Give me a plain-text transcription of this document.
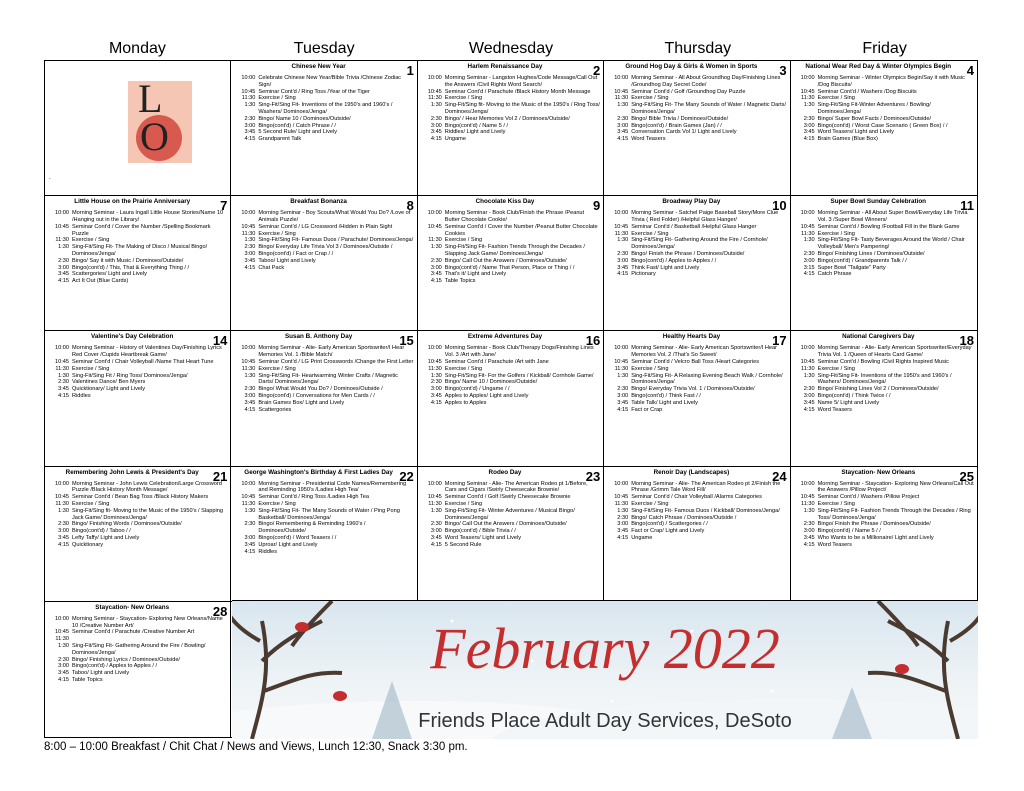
Monday	Tuesday	Wednesday	Thursday	Friday
L
O
.
Chinese New Year	1
10:00 Celebrate Chinese New Year/Bible Trivia /Chinese Zodiac Sign/
10:45 Seminar Cont'd / Ring Toss /Year of the Tiger
11:30 Exercise / Sing
1:30 Sing-Fit/Sing Fit- Inventions of the 1950's and 1960's / Washers/ Dominoes/Jenga/
2:30 Bingo/ Name 10 / Dominoes/Outside/
3:00 Bingo(cont'd) / Catch Phrase / /
3:45 5 Second Rule/ Light and Lively
4:15 Grandparent Talk
Harlem Renaissance Day	2
10:00 Morning Seminar - Langston Hughes/Code Message/Call Out the Answers /Civil Rights Word Search/
10:45 Seminar Cont'd / Parachute /Black History Month Message
11:30 Exercise / Sing
1:30 Sing-Fit/Sing fit- Moving to the Music of the 1950's / Ring Toss/ Dominoes/Jenga/
2:30 Bingo/ / Hear Memories Vol 2 / Dominoes/Outside/
3:00 Bingo(cont'd) / Name 5 / /
3:45 Riddles/ Light and Lively
4:15 Ungame
Ground Hog Day & Girls & Women in Sports	3
10:00 Morning Seminar - All About Groundhog Day/Finishing Lines /Groundhog Day Secret Code/
10:45 Seminar Cont'd / Golf /Groundhog Day Puzzle
11:30 Exercise / Sing
1:30 Sing-Fit/Sing Fit- The Many Sounds of Water / Magnetic Darts/ Dominoes/Jenga/
2:30 Bingo/ Bible Trivia / Dominoes/Outside/
3:00 Bingo(cont'd) / Brain Games (Jan) / /
3:45 Conversation Cards Vol 1/ Light and Lively
4:15 Word Teasers
National Wear Red Day & Winter Olympics Begin	4
10:00 Morning Seminar - Winter Olympics Begin/Say it with Music /Dog Biscuits/
10:45 Seminar Cont'd / Washers /Dog Biscuits
11:30 Exercise / Sing
1:30 Sing-Fit/Sing Fit-Winter Adventures / Bowling/ Dominoes/Jenga/
2:30 Bingo/ Super Bowl Facts / Dominoes/Outside/
3:00 Bingo(cont'd) / Worst Case Scenario ( Green Box) / /
3:45 Word Teasers/ Light and Lively
4:15 Brain Games (Blue Box)
Little House on the Prairie Anniversary	7
10:00 Morning Seminar - Laura Ingall Little House Stories/Name 10 /Hanging out in the Library/
10:45 Seminar Cont'd / Cover the Number /Spelling Bookmark Puzzle
11:30 Exercise / Sing
1:30 Sing-Fit/Sing Fit- The Making of Disco / Musical Bingo/ Dominoes/Jenga/
2:30 Bingo/ Say it with Music / Dominoes/Outside/
3:00 Bingo(cont'd) / This, That & Everything Thing / /
3:45 Scattergories/ Light and Lively
4:15 Act It Out (Blue Cards)
Breakfast Bonanza	8
10:00 Morning Seminar - Boy Scouts/What Would You Do? /Love of Animals Puzzle/
10:45 Seminar Cont'd / LG Crossword /Hidden in Plain Sight
11:30 Exercise / Sing
1:30 Sing-Fit/Sing Fit- Famous Duos / Parachute/ Dominoes/Jenga/
2:30 Bingo/ Everyday Life Trivia Vol 3 / Dominoes/Outside /
3:00 Bingo(cont'd) / Fact or Crap / /
3:45 Taboo/ Light and Lively
4:15 Chat Pack
Chocolate Kiss Day	9
10:00 Morning Seminar - Book Club/Finish the Phrase /Peanut Butter Chocolate Cookie/
10:45 Seminar Cont'd / Cover the Number /Peanut Butter Chocolate Cookies
11:30 Exercise / Sing
1:30 Sing-Fit/Sing Fit- Fashion Trends Through the Decades / Slapping Jack Game/ Dominoes/Jenga/
2:30 Bingo/ Call Out the Answers / Dominoes/Outside/
3:00 Bingo(cont'd) / Name That Person, Place or Thing / /
3:45 That's it/ Light and Lively
4:15 Table Topics
Broadway Play Day	10
10:00 Morning Seminar - Satchel Paige Baseball Story/More Clue Trivia ( Red Folder) /Helpful Glass Hanger/
10:45 Seminar Cont'd / Basketball /Helpful Glass Hanger
11:30 Exercise / Sing
1:30 Sing-Fit/Sing Fit- Gathering Around the Fire / Cornhole/ Dominoes/Jenga/
2:30 Bingo/ Finish the Phrase / Dominoes/Outside/
3:00 Bingo(cont'd) / Apples to Apples / /
3:45 Think Fast/ Light and Lively
4:15 Pictionary
Super Bowl Sunday Celebration	11
10:00 Morning Seminar - All About Super Bowl/Everyday Life Trivia Vol. 3 /Super Bowl Winners/
10:45 Seminar Cont'd / Bowling /Football Fill in the Blank Game
11:30 Exercise / Sing
1:30 Sing-Fit/Sing Fit- Tasty Beverages Around the World / Chair Volleyball/ Men's Pampering/
2:30 Bingo/ Finishing Lines / Dominoes/Outside/
3:00 Bingo(cont'd) / Grandparents Talk / /
3:15 Super Bowl "Tailgate" Party
4:15 Catch Phrase
Valentine's Day Celebration	14
10:00 Morning Seminar - History of Valentines Day/Finishing Lyrics Red Cover /Cupids Heartbreak Game/
10:45 Seminar Cont'd / Chair Volleyball /Name That Heart Tune
11:30 Exercise / Sing
1:30 Sing-Fit/Sing Fit / Ring Toss/ Dominoes/Jenga/
2:30 Valentines Dance/ Ben Myers
3:45 Quicktionary/ Light and Lively
4:15 Riddles
Susan B. Anthony Day	15
10:00 Morning Seminar - Alie- Early American Sportswriter/I Hear Memories Vol. 1 /Bible Match/
10:45 Seminar Cont'd / LG Print Crosswords /Change the First Letter
11:30 Exercise / Sing
1:30 Sing-Fit/Sing Fit- Heartwarming Winter Crafts / Magnetic Darts/ Dominoes/Jenga/
2:30 Bingo/ What Would You Do? / Dominoes/Outside /
3:00 Bingo(cont'd) / Conversations for Men Cards / /
3:45 Brain Games Box/ Light and Lively
4:15 Scattergories
Extreme Adventures Day	16
10:00 Morning Seminar - Book Club/Therapy Dogs/Finishing Lines Vol. 3 /Art with Jane/
10:45 Seminar Cont'd / Parachute /Art with Jane
11:30 Exercise / Sing
1:30 Sing-Fit/Sing Fit- For the Golfers / Kickball/ Cornhole Game/
2:30 Bingo/ Name 10 / Dominoes/Outside/
3:00 Bingo(cont'd) / Ungame / /
3:45 Apples to Apples/ Light and Lively
4:15 Apples to Apples
Healthy Hearts Day	17
10:00 Morning Seminar - Alie- Early American Sportswriter/I Hear Memories Vol. 2 /That's So Sweet/
10:45 Seminar Cont'd / Velcro Ball Toss /Heart Categories
11:30 Exercise / Sing
1:30 Sing-Fit/Sing Fit- A Relaxing Evening Beach Walk / Cornhole/ Dominoes/Jenga/
2:30 Bingo/ Everyday Trivia Vol. 1 / Dominoes/Outside/
3:00 Bingo(cont'd) / Think Fast / /
3:45 Table Talk/ Light and Lively
4:15 Fact or Crap
National Caregivers Day	18
10:00 Morning Seminar - Alie- Early American Sportswriter/Everyday Trivia Vol. 1 /Queen of Hearts Card Game/
10:45 Seminar Cont'd / Bowling /Civil Rights Inspired Music
11:30 Exercise / Sing
1:30 Sing-Fit/Sing Fit- Inventions of the 1950's and 1960's / Washers/ Dominoes/Jenga/
2:30 Bingo/ Finishing Lines Vol 2 / Dominoes/Outside/
3:00 Bingo(cont'd) / Think Twice / /
3:45 Name 5/ Light and Lively
4:15 Word Teasers
Remembering John Lewis & President's Day	21
10:00 Morning Seminar - John Lewis Celebration/Large Crossword Puzzle /Black History Month Message/
10:45 Seminar Cont'd / Bean Bag Toss /Black History Makers
11:30 Exercise / Sing
1:30 Sing-Fit/Sing fit- Moving to the Music of the 1950's / Slapping Jack Game/ Dominoes/Jenga/
2:30 Bingo/ Finishing Words / Dominoes/Outside/
3:00 Bingo(cont'd) / Taboo / /
3:45 Lefty Taffy/ Light and Lively
4:15 Quicktionary
George Washington's Birthday & First Ladies Day 22
10:00 Morning Seminar - Presidential Code Names/Remembering and Reminding 1950's /Ladies High Tea/
10:45 Seminar Cont'd / Ring Toss /Ladies High Tea
11:30 Exercise / Sing
1:30 Sing-Fit/Sing Fit- The Many Sounds of Water / Ping Pong Basketball/ Dominoes/Jenga/
2:30 Bingo/ Remembering & Reminding 1960's / Dominoes/Outside/
3:00 Bingo(cont'd) / Word Teasers / /
3:45 Uproar/ Light and Lively
4:15 Riddles
Rodeo Day	23
10:00 Morning Seminar - Alie- The American Rodeo pt 1/Before, Cars and Cigars /Swirly Cheesecake Brownie/
10:45 Seminar Cont'd / Golf /Swirly Cheesecake Brownie
11:30 Exercise / Sing
1:30 Sing-Fit/Sing Fit- Winter Adventures / Musical Bingo/ Dominoes/Jenga/
2:30 Bingo/ Call Out the Answers / Dominoes/Outside/
3:00 Bingo(cont'd) / Bible Trivia / /
3:45 Word Teasers/ Light and Lively
4:15 5 Second Rule
Renoir Day (Landscapes)	24
10:00 Morning Seminar - Alie- The American Rodeo pt 2/Finish the Phrase /Grimm Tale Word Fill/
10:45 Seminar Cont'd / Chair Volleyball /Alarms Categories
11:30 Exercise / Sing
1:30 Sing-Fit/Sing Fit- Famous Duos / Kickball/ Dominoes/Jenga/
2:30 Bingo/ Catch Phrase / Dominoes/Outside /
3:00 Bingo(cont'd) / Scattergories / /
3:45 Fact or Crap/ Light and Lively
4:15 Ungame
Staycation- New Orleans	25
10:00 Morning Seminar - Staycation- Exploring New Orleans/Call Out the Answers /Pillow Project/
10:45 Seminar Cont'd / Washers /Pillow Project
11:30 Exercise / Sing
1:30 Sing-Fit/Sing Fit- Fashion Trends Through the Decades / Ring Toss/ Dominoes/Jenga/
2:30 Bingo/ Finish the Phrase / Dominoes/Outside/
3:00 Bingo(cont'd) / Name 5 / /
3:45 Who Wants to be a Millionaire/ Light and Lively
4:15 Word Teasers
Staycation- New Orleans	28
10:00 Morning Seminar - Staycation- Exploring New Orleans/Name 10 /Creative Number Art/
10:45 Seminar Cont'd / Parachute /Creative Number Art
11:30
1:30 Sing-Fit/Sing Fit- Gathering Around the Fire / Bowling/ Dominoes/Jenga/
2:30 Bingo/ Finishing Lyrics / Dominoes/Outside/
3:00 Bingo(cont'd) / Apples to Apples / /
3:45 Taboo/ Light and Lively
4:15 Table Topics	February 2022
Friends Place Adult Day Services, DeSoto
8:00 – 10:00 Breakfast / Chit Chat / News and Views, Lunch 12:30, Snack 3:30 pm.
